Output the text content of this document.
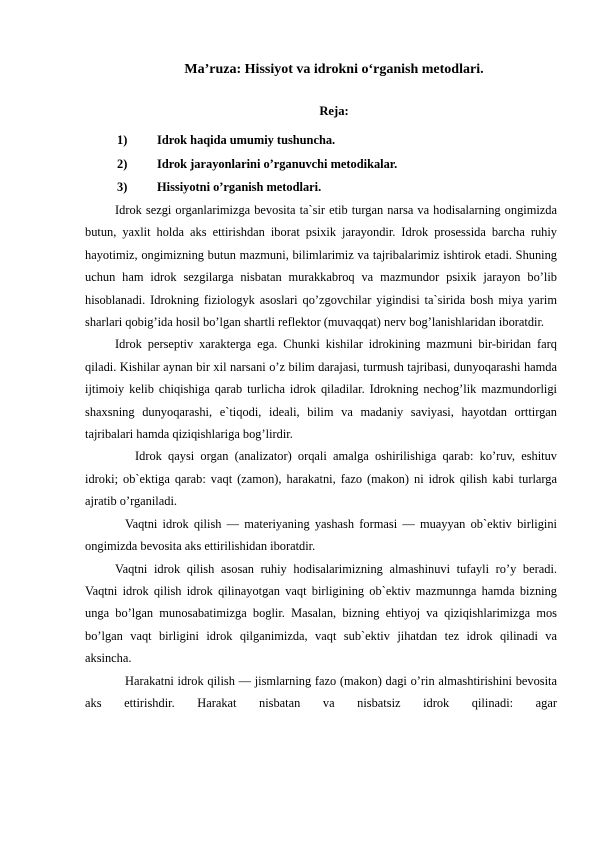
Ma’ruza: Hissiyot va idrokni o‘rganish metodlari.
Reja:
1)	Idrok haqida umumiy tushuncha.
2)	Idrok jarayonlarini o’rganuvchi metodikalar.
3)	Hissiyotni o’rganish metodlari.

Idrok sezgi organlarimizga bevosita ta`sir etib turgan narsa va hodisalarning ongimizda butun, yaxlit holda aks ettirishdan iborat psixik jarayondir. Idrok prosessida barcha ruhiy hayotimiz, ongimizning butun mazmuni, bilimlarimiz va tajribalarimiz ishtirok etadi. Shuning uchun ham idrok sezgilarga nisbatan murakkabroq va mazmundor psixik jarayon bo’lib hisoblanadi. Idrokning fiziologyk asoslari qo’zgovchilar yigindisi ta`sirida bosh miya yarim sharlari qobig’ida hosil bo’lgan shartli reflektor (muvaqqat) nerv bog’lanishlaridan iboratdir.

Idrok perseptiv xarakterga ega. Chunki kishilar idrokining mazmuni bir-biridan farq qiladi. Kishilar aynan bir xil narsani o’z bilim darajasi, turmush tajribasi, dunyoqarashi hamda ijtimoiy kelib chiqishiga qarab turlicha idrok qiladilar. Idrokning nechog’lik mazmundorligi shaxsning dunyoqarashi, e`tiqodi, ideali, bilim va madaniy saviyasi, hayotdan orttirgan tajribalari hamda qiziqishlariga bog’lirdir.

Idrok qaysi organ (analizator) orqali amalga oshirilishiga qarab: ko’ruv, eshituv idroki; ob`ektiga qarab: vaqt (zamon), harakatni, fazo (makon) ni idrok qilish kabi turlarga ajratib o’rganiladi.

Vaqtni idrok qilish — materiyaning yashash formasi — muayyan ob`ektiv birligini ongimizda bevosita aks ettirilishidan iboratdir.

Vaqtni idrok qilish asosan ruhiy hodisalarimizning almashinuvi tufayli ro’y beradi. Vaqtni idrok qilish idrok qilinayotgan vaqt birligining ob`ektiv mazmunnga hamda bizning unga bo’lgan munosabatimizga boglir. Masalan, bizning ehtiyoj va qiziqishlarimizga mos bo’lgan vaqt birligini idrok qilganimizda, vaqt sub`ektiv jihatdan tez idrok qilinadi va aksincha.

Harakatni idrok qilish — jismlarning fazo (makon) dagi o’rin almashtirishini bevosita aks ettirishdir. Harakat nisbatan va nisbatsiz idrok qilinadi: agar
